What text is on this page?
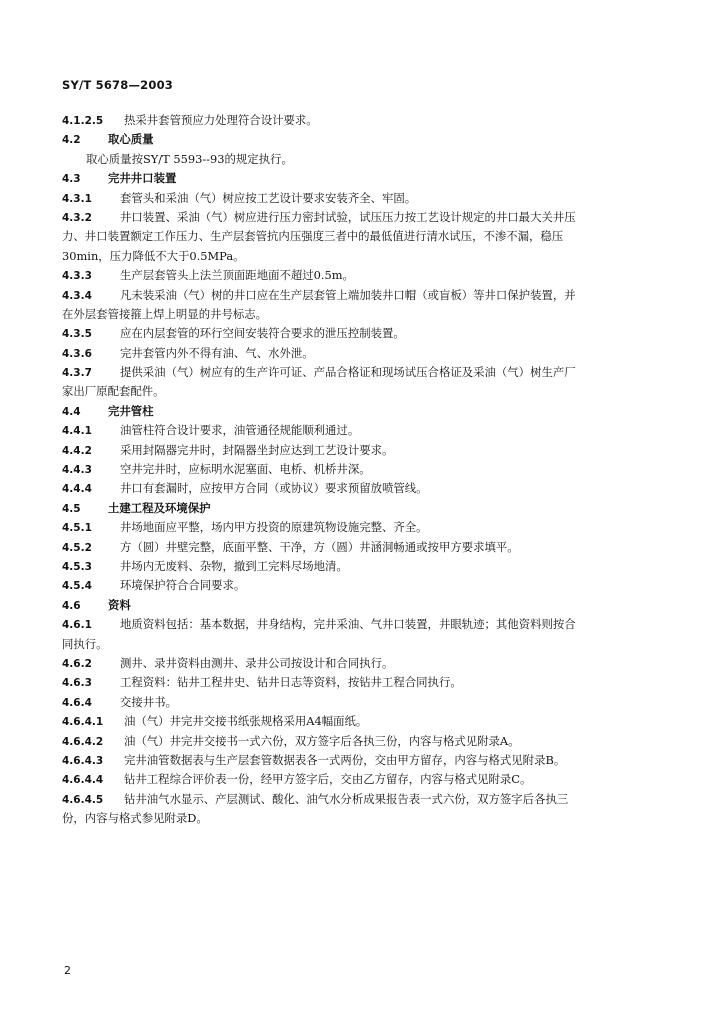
SY/T 5678—2003
4.1.2.5 热采井套管预应力处理符合设计要求。
4.2 取心质量
取心质量按SY/T 5593--93的规定执行。
4.3 完井井口装置
4.3.1 套管头和采油（气）树应按工艺设计要求安装齐全、牢固。
4.3.2 井口装置、采油（气）树应进行压力密封试验，试压压力按工艺设计规定的井口最大关井压
力、井口装置额定工作压力、生产层套管抗内压强度三者中的最低值进行清水试压，不渗不漏，稳压
30min，压力降低不大于0.5MPa。
4.3.3 生产层套管头上法兰顶面距地面不超过0.5m。
4.3.4 凡未装采油（气）树的井口应在生产层套管上端加装井口帽（或盲板）等井口保护装置，并
在外层套管接箍上焊上明显的井号标志。
4.3.5 应在内层套管的环行空间安装符合要求的泄压控制装置。
4.3.6 完井套管内外不得有油、气、水外泄。
4.3.7 提供采油（气）树应有的生产许可证、产品合格证和现场试压合格证及采油（气）树生产厂
家出厂原配套配件。
4.4 完井管柱
4.4.1 油管柱符合设计要求，油管通径规能顺利通过。
4.4.2 采用封隔器完井时，封隔器坐封应达到工艺设计要求。
4.4.3 空井完井时，应标明水泥塞面、电桥、机桥井深。
4.4.4 井口有套漏时，应按甲方合同（或协议）要求预留放喷管线。
4.5 土建工程及环境保护
4.5.1 井场地面应平整，场内甲方投资的原建筑物设施完整、齐全。
4.5.2 方（圆）井壁完整，底面平整、干净，方（圆）井涵洞畅通或按甲方要求填平。
4.5.3 井场内无废料、杂物，撤到工完料尽场地清。
4.5.4 环境保护符合合同要求。
4.6 资料
4.6.1 地质资料包括：基本数据，井身结构，完井采油、气井口装置，井眼轨迹；其他资料则按合
同执行。
4.6.2 测井、录井资料由测井、录井公司按设计和合同执行。
4.6.3 工程资料：钻井工程井史、钻井日志等资料，按钻井工程合同执行。
4.6.4 交接井书。
4.6.4.1 油（气）井完井交接书纸张规格采用A4幅面纸。
4.6.4.2 油（气）井完井交接书一式六份，双方签字后各执三份，内容与格式见附录A。
4.6.4.3 完井油管数据表与生产层套管数据表各一式两份，交由甲方留存，内容与格式见附录B。
4.6.4.4 钻井工程综合评价表一份，经甲方签字后，交由乙方留存，内容与格式见附录C。
4.6.4.5 钻井油气水显示、产层测试、酸化、油气水分析成果报告表一式六份，双方签字后各执三
份，内容与格式参见附录D。
2
